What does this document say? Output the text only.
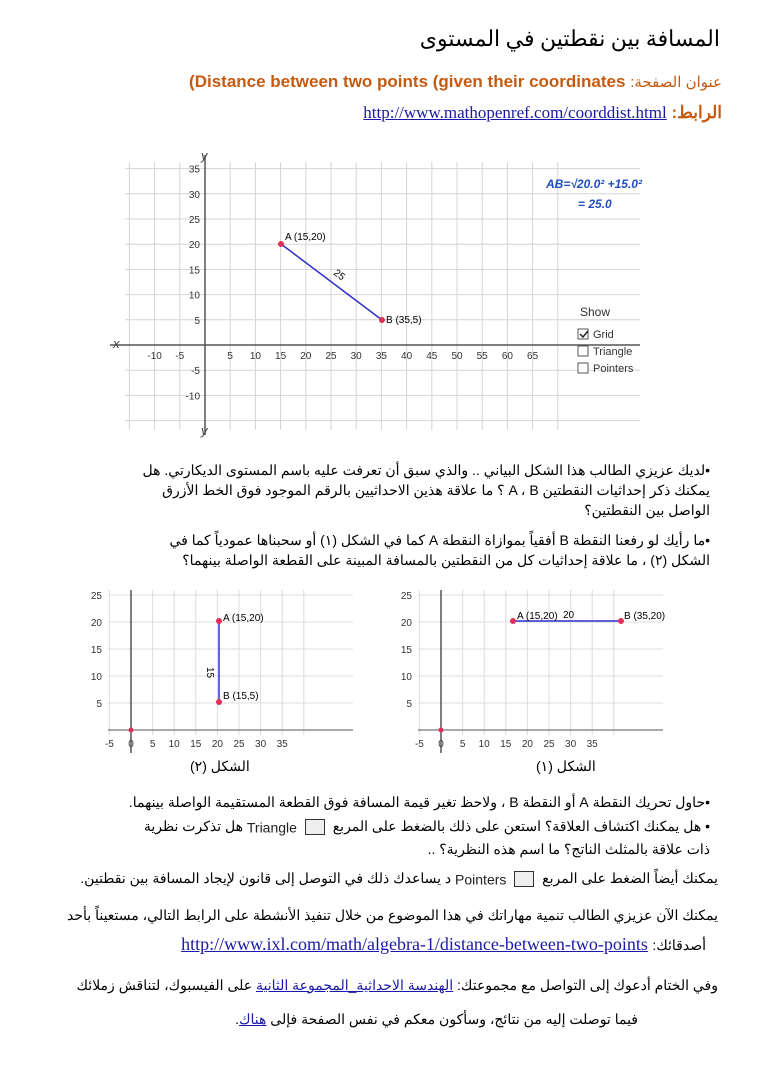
المسافة بين نقطتين في المستوى
عنوان الصفحة: (Distance between two points (given their coordinates
الرابط: http://www.mathopenref.com/coorddist.html
x
y
y
-10 -5	5 10 15 20 25 30 35 40 45 50 55 60 65
35
30
25
20
15
10
5
-5
-10
A (15,20)
B (35,5)
25
AB=√20.0² +15.0²
= 25.0
Show
Grid
Triangle
Pointers
• لديك عزيزي الطالب هذا الشكل البياني .. والذي سبق أن تعرفت عليه باسم المستوى الديكارتي. هل
يمكنك ذكر إحداثيات النقطتين A ، B ؟ ما علاقة هذين الاحداثيين بالرقم الموجود فوق الخط الأزرق
الواصل بين النقطتين؟
• ما رأيك لو رفعنا النقطة B أفقياً بموازاة النقطة A كما في الشكل (١) أو سحبناها عمودياً كما في
الشكل (٢) ، ما علاقة إحداثيات كل من النقطتين بالمسافة المبينة على القطعة الواصلة بينهما؟
-5 0 5 10 15 20 25 30 35
25
20
15
10
5
A (15,20)
B (15,5)
15
الشكل (٢)
-5 0 5 10 15 20 25 30 35
25
20
15
10
5
A (15,20)	B (35,20)
20
الشكل (١)
• حاول تحريك النقطة A أو النقطة B ، ولاحظ تغير قيمة المسافة فوق القطعة المستقيمة الواصلة بينهما.
• هل يمكنك اكتشاف العلاقة؟ استعن على ذلك بالضغط على المربع  Triangle هل تذكرت نظرية
ذات علاقة بالمثلث الناتج؟ ما اسم هذه النظرية؟ ..
يمكنك أيضاً الضغط على المربع  Pointers د يساعدك ذلك في التوصل إلى قانون لإيجاد المسافة بين نقطتين.
يمكنك الآن عزيزي الطالب تنمية مهاراتك في هذا الموضوع من خلال تنفيذ الأنشطة على الرابط التالي، مستعيناً بأحد
أصدقائك: http://www.ixl.com/math/algebra-1/distance-between-two-points
وفي الختام أدعوك إلى التواصل مع مجموعتك: الهندسة الاحداثية_المجموعة الثانية على الفيسبوك، لتناقش زملائك
فيما توصلت إليه من نتائج، وسأكون معكم في نفس الصفحة فإلى هناك.
